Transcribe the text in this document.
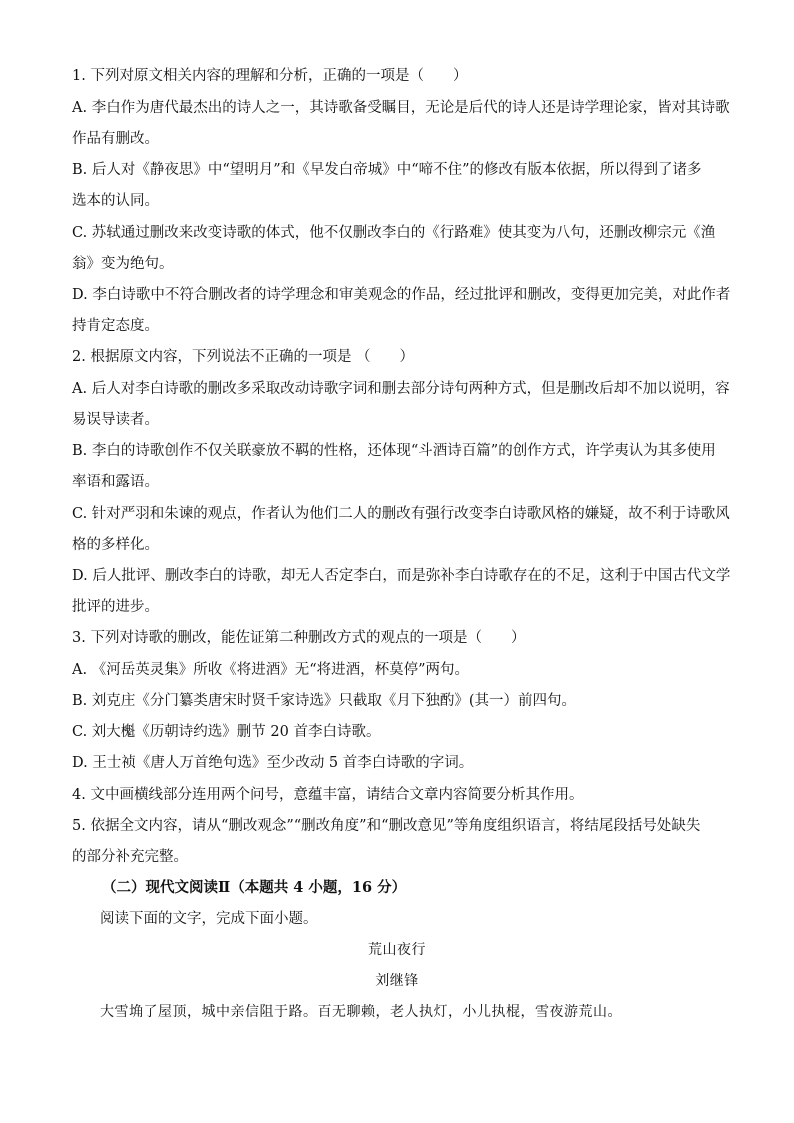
1. 下列对原文相关内容的理解和分析，正确的一项是（　　）
A. 李白作为唐代最杰出的诗人之一，其诗歌备受瞩目，无论是后代的诗人还是诗学理论家，皆对其诗歌
作品有删改。
B. 后人对《静夜思》中“望明月”和《早发白帝城》中“啼不住”的修改有版本依据，所以得到了诸多
选本的认同。
C. 苏轼通过删改来改变诗歌的体式，他不仅删改李白的《行路难》使其变为八句，还删改柳宗元《渔
翁》变为绝句。
D. 李白诗歌中不符合删改者的诗学理念和审美观念的作品，经过批评和删改，变得更加完美，对此作者
持肯定态度。
2. 根据原文内容，下列说法不正确的一项是 （　　）
A. 后人对李白诗歌的删改多采取改动诗歌字词和删去部分诗句两种方式，但是删改后却不加以说明，容
易误导读者。
B. 李白的诗歌创作不仅关联豪放不羁的性格，还体现“斗酒诗百篇”的创作方式，许学夷认为其多使用
率语和露语。
C. 针对严羽和朱谏的观点，作者认为他们二人的删改有强行改变李白诗歌风格的嫌疑，故不利于诗歌风
格的多样化。
D. 后人批评、删改李白的诗歌，却无人否定李白，而是弥补李白诗歌存在的不足，这利于中国古代文学
批评的进步。
3. 下列对诗歌的删改，能佐证第二种删改方式的观点的一项是（　　）
A. 《河岳英灵集》所收《将进酒》无“将进酒，杯莫停”两句。
B. 刘克庄《分门纂类唐宋时贤千家诗选》只截取《月下独酌》(其一）前四句。
C. 刘大櫆《历朝诗约选》删节 20 首李白诗歌。
D. 王士祯《唐人万首绝句选》至少改动 5 首李白诗歌的字词。
4. 文中画横线部分连用两个问号，意蕴丰富，请结合文章内容简要分析其作用。
5. 依据全文内容，请从“删改观念”“删改角度”和“删改意见”等角度组织语言，将结尾段括号处缺失
的部分补充完整。
（二）现代文阅读Ⅱ（本题共 4 小题，16 分）
阅读下面的文字，完成下面小题。
荒山夜行
刘继锋
大雪埆了屋顶，城中亲信阻于路。百无聊赖，老人执灯，小儿执棍，雪夜游荒山。
